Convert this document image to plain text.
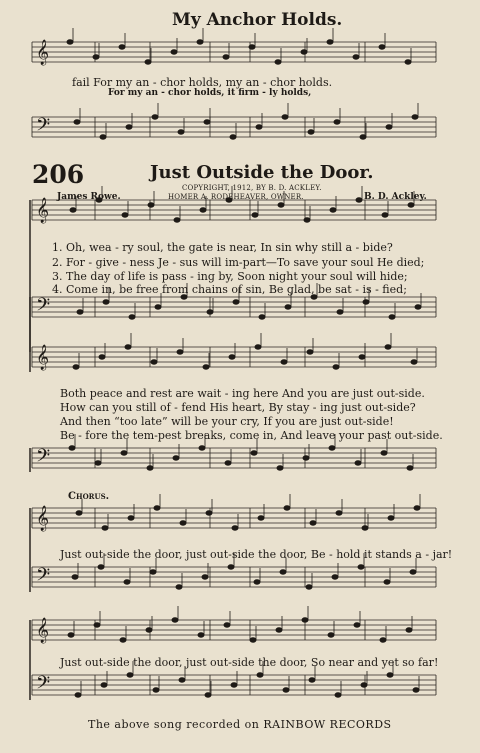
𝄞
𝄢
𝄞
𝄢
𝄞
𝄢
𝄞
𝄢
𝄞
𝄢
My Anchor Holds.
fail For my an - chor holds, my an - chor holds.
For my an - chor holds, it firm - ly holds,
206	Just Outside the Door.
COPYRIGHT, 1912, BY B. D. ACKLEY.
HOMER A. RODEHEAVER, OWNER.
James Rowe.	B. D. Ackley.
1. Oh, wea - ry soul, the gate is near, In sin why still a - bide?
2. For - give - ness Je - sus will im-part—To save your soul He died;
3. The day of life is pass - ing by, Soon night your soul will hide;
4. Come in, be free from chains of sin, Be glad, be sat - is - fied;
Both peace and rest are wait - ing here And you are just out-side.
How can you still of - fend His heart, By stay - ing just out-side?
And then “too late” will be your cry, If you are just out-side!
Be - fore the tem-pest breaks, come in, And leave your past out-side.
Chorus.
Just out-side the door, just out-side the door, Be - hold it stands a - jar!
Just out-side the door, just out-side the door, So near and yet so far!
The above song recorded on RAINBOW RECORDS
